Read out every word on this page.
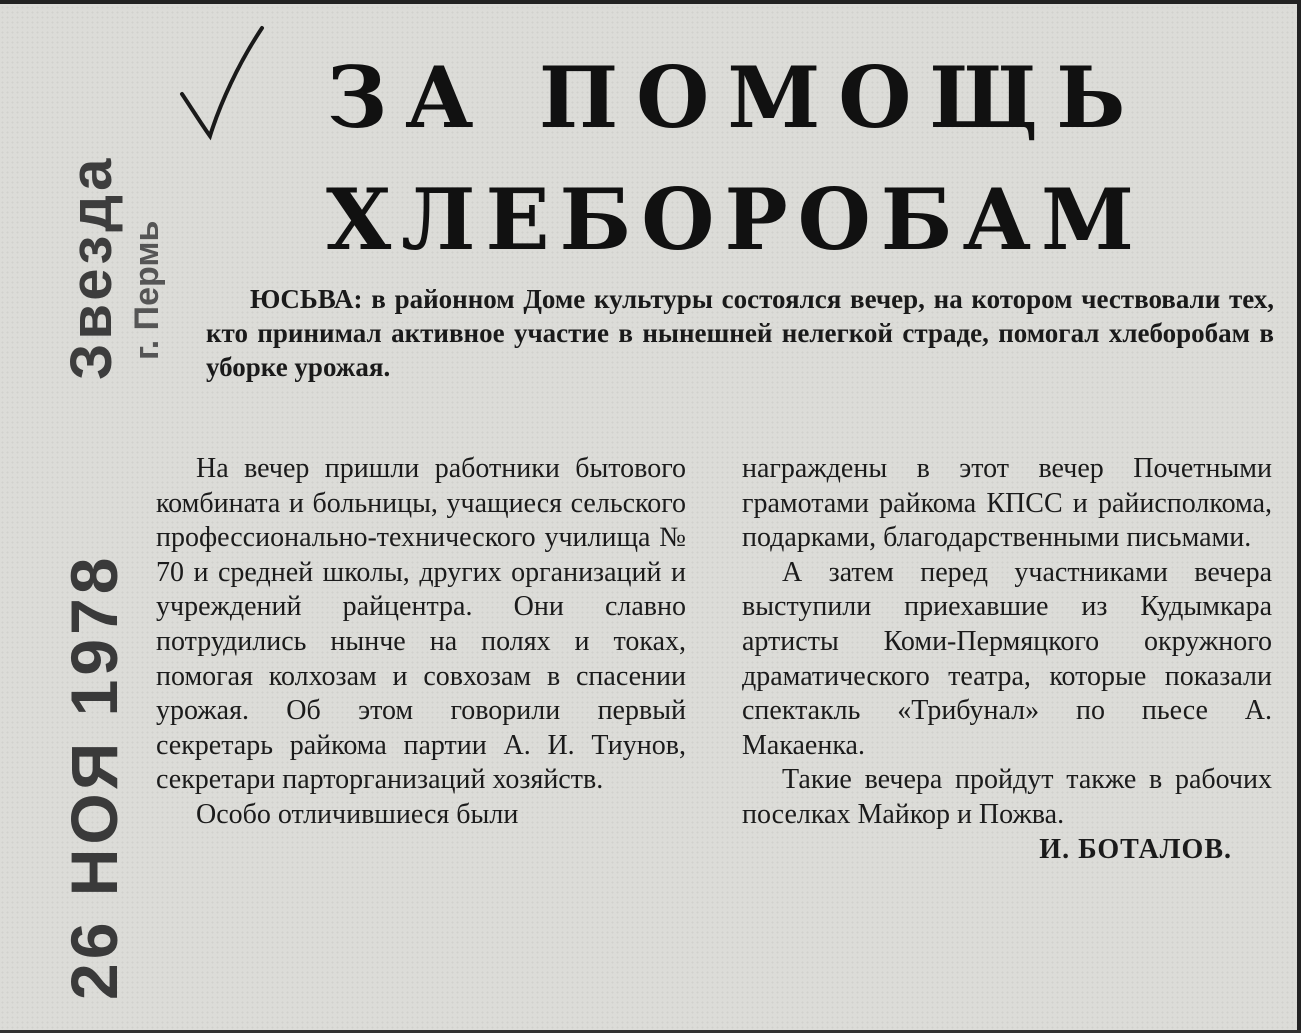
Звезда г. Пермь
26 НОЯ 1978
ЗА ПОМОЩЬ
ХЛЕБОРОБАМ

ЮСЬВА: в районном Доме культуры состоялся вечер, на котором чествовали тех, кто принимал активное участие в нынешней нелегкой страде, помогал хлеборобам в уборке урожая.

На вечер пришли работники бытового комбината и больницы, учащиеся сельского профессионально-технического училища № 70 и средней школы, других организаций и учреждений райцентра. Они славно потрудились нынче на полях и токах, помогая колхозам и совхозам в спасении урожая. Об этом говорили первый секретарь райкома партии А. И. Тиунов, секретари парторганизаций хозяйств.

Особо отличившиеся были

награждены в этот вечер Почетными грамотами райкома КПСС и райисполкома, подарками, благодарственными письмами.

А затем перед участниками вечера выступили приехавшие из Кудымкара артисты Коми-Пермяцкого окружного драматического театра, которые показали спектакль «Трибунал» по пьесе А. Макаенка.

Такие вечера пройдут также в рабочих поселках Майкор и Пожва.

И. БОТАЛОВ.
